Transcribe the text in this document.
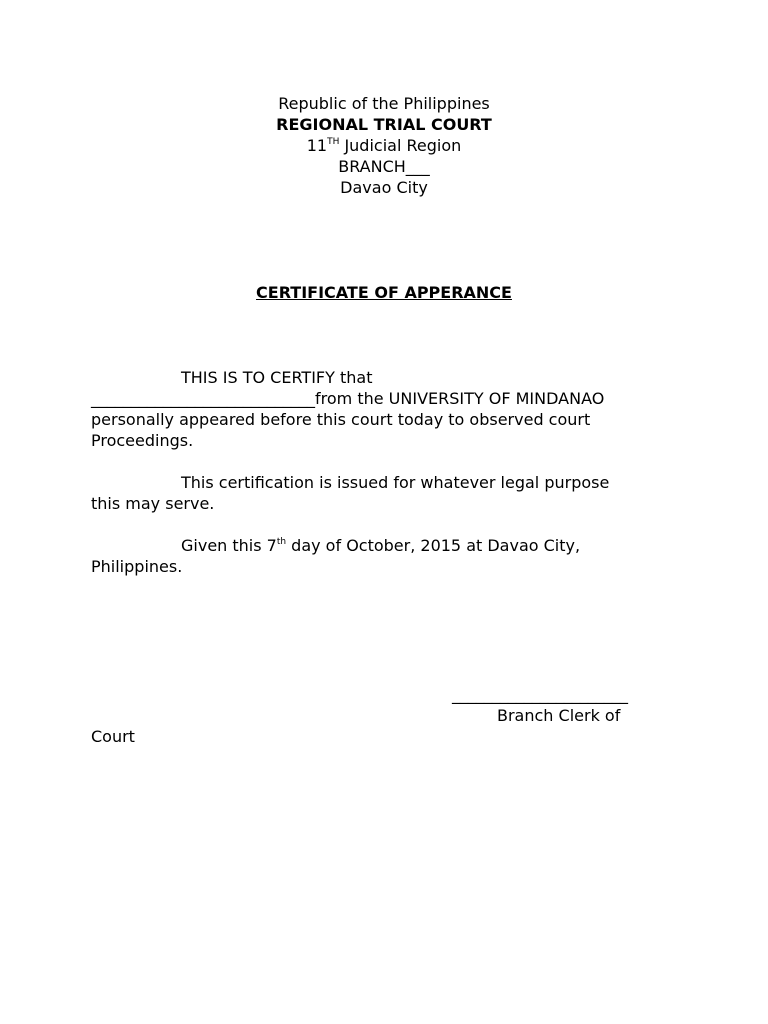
Republic of the Philippines
REGIONAL TRIAL COURT
11TH Judicial Region
BRANCH___
Davao City
CERTIFICATE OF APPERANCE
THIS IS TO CERTIFY that
____________________________from the UNIVERSITY OF MINDANAO
personally appeared before this court today to observed court
Proceedings.
This certification is issued for whatever legal purpose
this may serve.
Given this 7th day of October, 2015 at Davao City,
Philippines.
______________________
Branch Clerk of
Court
